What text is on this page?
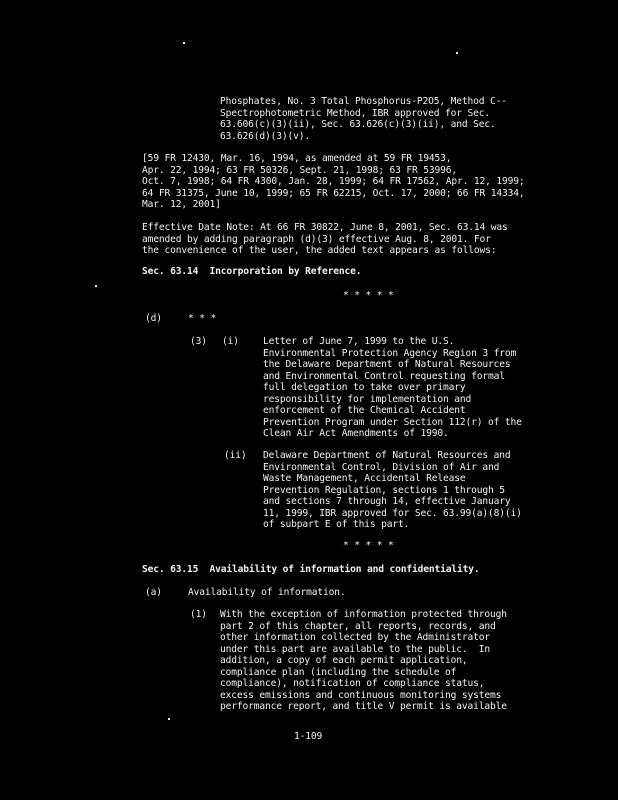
Phosphates, No. 3 Total Phosphorus-P2O5, Method C--
Spectrophotometric Method, IBR approved for Sec.
63.606(c)(3)(ii), Sec. 63.626(c)(3)(ii), and Sec.
63.626(d)(3)(v).
[59 FR 12430, Mar. 16, 1994, as amended at 59 FR 19453,
Apr. 22, 1994; 63 FR 50326, Sept. 21, 1998; 63 FR 53996,
Oct. 7, 1998; 64 FR 4300, Jan. 28, 1999; 64 FR 17562, Apr. 12, 1999;
64 FR 31375, June 10, 1999; 65 FR 62215, Oct. 17, 2000; 66 FR 14334,
Mar. 12, 2001]
Effective Date Note: At 66 FR 30822, June 8, 2001, Sec. 63.14 was
amended by adding paragraph (d)(3) effective Aug. 8, 2001. For
the convenience of the user, the added text appears as follows:
Sec. 63.14  Incorporation by Reference.
* * * * *
(d)	* * *
(3) (i)	Letter of June 7, 1999 to the U.S.
Environmental Protection Agency Region 3 from
the Delaware Department of Natural Resources
and Environmental Control requesting formal
full delegation to take over primary
responsibility for implementation and
enforcement of the Chemical Accident
Prevention Program under Section 112(r) of the
Clean Air Act Amendments of 1990.
(ii) Delaware Department of Natural Resources and
Environmental Control, Division of Air and
Waste Management, Accidental Release
Prevention Regulation, sections 1 through 5
and sections 7 through 14, effective January
11, 1999, IBR approved for Sec. 63.99(a)(8)(i)
of subpart E of this part.
* * * * *
Sec. 63.15  Availability of information and confidentiality.
(a)	Availability of information.
(1) With the exception of information protected through
part 2 of this chapter, all reports, records, and
other information collected by the Administrator
under this part are available to the public.  In
addition, a copy of each permit application,
compliance plan (including the schedule of
compliance), notification of compliance status,
excess emissions and continuous monitoring systems
performance report, and title V permit is available
1-109
